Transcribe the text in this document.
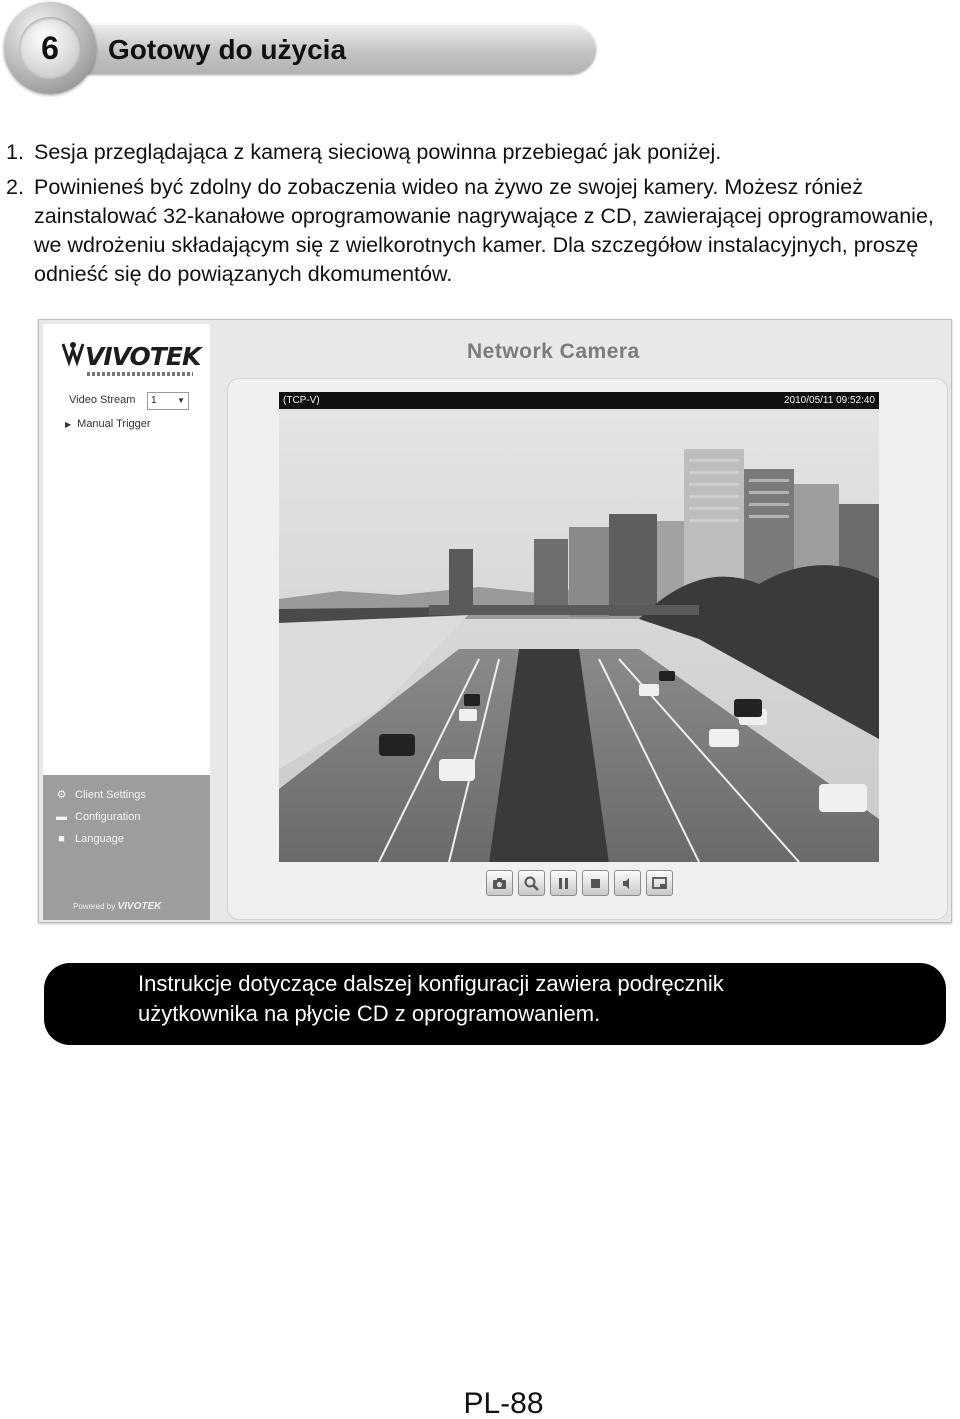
Gotowy do użycia
6
1. Sesja przeglądająca z kamerą sieciową powinna przebiegać jak poniżej.
2. Powinieneś być zdolny do zobaczenia wideo na żywo ze swojej kamery. Możesz rónież zainstalować 32-kanałowe oprogramowanie nagrywające z CD, zawierającej oprogramowanie, we wdrożeniu składającym się z wielkorotnych kamer. Dla szczegółow instalacyjnych, proszę odnieść się do powiązanych dkomumentów.
VIVOTEK
Video Stream	1	▼
▶ Manual Trigger
⚙ Client Settings
▬ Configuration
■ Language
Powered by VIVOTEK
Network Camera
(TCP-V)	2010/05/11 09:52:40
Instrukcje dotyczące dalszej konfiguracji zawiera podręcznik
użytkownika na płycie CD z oprogramowaniem.
PL-88
